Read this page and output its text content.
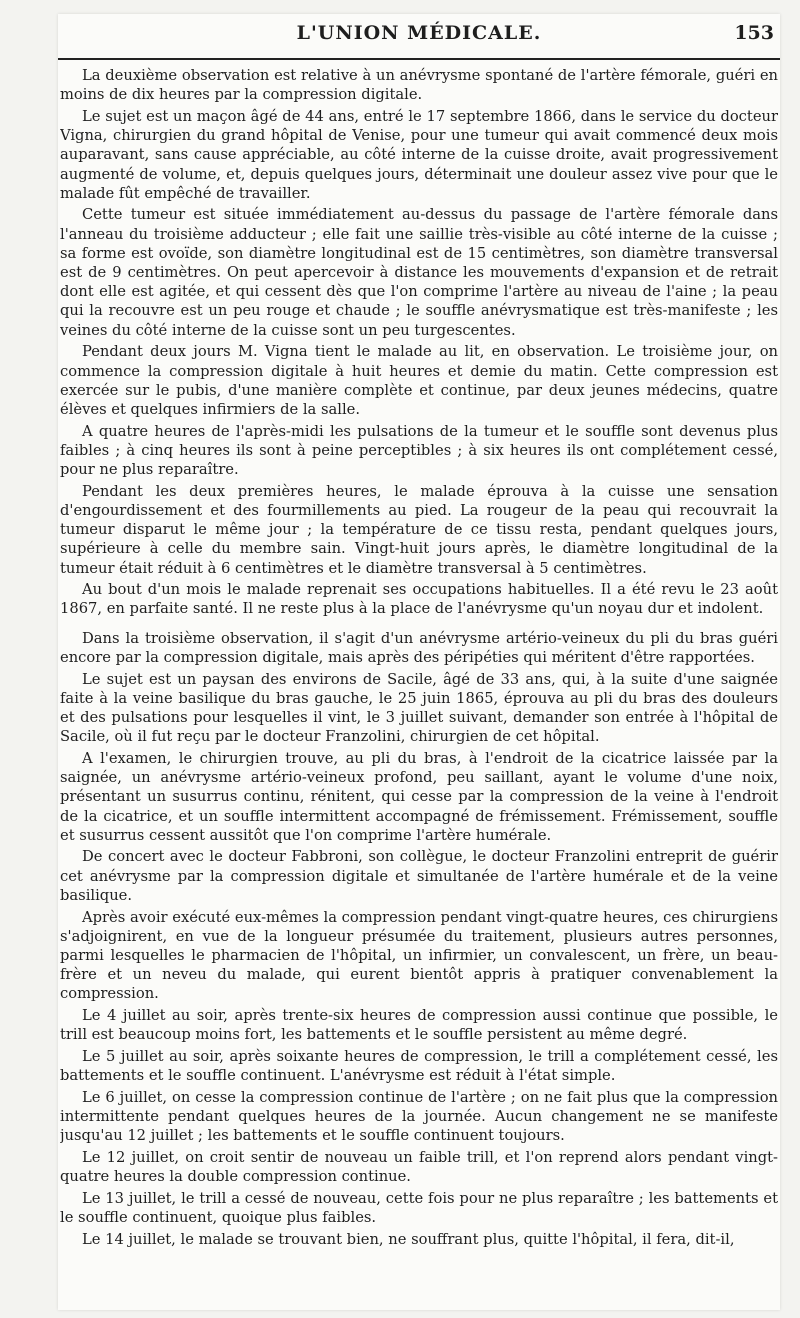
L'UNION MÉDICALE.	153

La deuxième observation est relative à un anévrysme spontané de l'artère fémorale, guéri en moins de dix heures par la compression digitale.

Le sujet est un maçon âgé de 44 ans, entré le 17 septembre 1866, dans le service du docteur Vigna, chirurgien du grand hôpital de Venise, pour une tumeur qui avait commencé deux mois auparavant, sans cause appréciable, au côté interne de la cuisse droite, avait progressivement augmenté de volume, et, depuis quelques jours, déterminait une douleur assez vive pour que le malade fût empêché de travailler.

Cette tumeur est située immédiatement au-dessus du passage de l'artère fémorale dans l'anneau du troisième adducteur ; elle fait une saillie très-visible au côté interne de la cuisse ; sa forme est ovoïde, son diamètre longitudinal est de 15 centimètres, son diamètre transversal est de 9 centimètres. On peut apercevoir à distance les mouvements d'expansion et de retrait dont elle est agitée, et qui cessent dès que l'on comprime l'artère au niveau de l'aine ; la peau qui la recouvre est un peu rouge et chaude ; le souffle anévrysmatique est très-manifeste ; les veines du côté interne de la cuisse sont un peu turgescentes.

Pendant deux jours M. Vigna tient le malade au lit, en observation. Le troisième jour, on commence la compression digitale à huit heures et demie du matin. Cette compression est exercée sur le pubis, d'une manière complète et continue, par deux jeunes médecins, quatre élèves et quelques infirmiers de la salle.

A quatre heures de l'après-midi les pulsations de la tumeur et le souffle sont devenus plus faibles ; à cinq heures ils sont à peine perceptibles ; à six heures ils ont complétement cessé, pour ne plus reparaître.

Pendant les deux premières heures, le malade éprouva à la cuisse une sensation d'engourdissement et des fourmillements au pied. La rougeur de la peau qui recouvrait la tumeur disparut le même jour ; la température de ce tissu resta, pendant quelques jours, supérieure à celle du membre sain. Vingt-huit jours après, le diamètre longitudinal de la tumeur était réduit à 6 centimètres et le diamètre transversal à 5 centimètres.

Au bout d'un mois le malade reprenait ses occupations habituelles. Il a été revu le 23 août 1867, en parfaite santé. Il ne reste plus à la place de l'anévrysme qu'un noyau dur et indolent.

Dans la troisième observation, il s'agit d'un anévrysme artério-veineux du pli du bras guéri encore par la compression digitale, mais après des péripéties qui méritent d'être rapportées.

Le sujet est un paysan des environs de Sacile, âgé de 33 ans, qui, à la suite d'une saignée faite à la veine basilique du bras gauche, le 25 juin 1865, éprouva au pli du bras des douleurs et des pulsations pour lesquelles il vint, le 3 juillet suivant, demander son entrée à l'hôpital de Sacile, où il fut reçu par le docteur Franzolini, chirurgien de cet hôpital.

A l'examen, le chirurgien trouve, au pli du bras, à l'endroit de la cicatrice laissée par la saignée, un anévrysme artério-veineux profond, peu saillant, ayant le volume d'une noix, présentant un susurrus continu, rénitent, qui cesse par la compression de la veine à l'endroit de la cicatrice, et un souffle intermittent accompagné de frémissement. Frémissement, souffle et susurrus cessent aussitôt que l'on comprime l'artère humérale.

De concert avec le docteur Fabbroni, son collègue, le docteur Franzolini entreprit de guérir cet anévrysme par la compression digitale et simultanée de l'artère humérale et de la veine basilique.

Après avoir exécuté eux-mêmes la compression pendant vingt-quatre heures, ces chirurgiens s'adjoignirent, en vue de la longueur présumée du traitement, plusieurs autres personnes, parmi lesquelles le pharmacien de l'hôpital, un infirmier, un convalescent, un frère, un beau-frère et un neveu du malade, qui eurent bientôt appris à pratiquer convenablement la compression.

Le 4 juillet au soir, après trente-six heures de compression aussi continue que possible, le trill est beaucoup moins fort, les battements et le souffle persistent au même degré.

Le 5 juillet au soir, après soixante heures de compression, le trill a complétement cessé, les battements et le souffle continuent. L'anévrysme est réduit à l'état simple.

Le 6 juillet, on cesse la compression continue de l'artère ; on ne fait plus que la compression intermittente pendant quelques heures de la journée. Aucun changement ne se manifeste jusqu'au 12 juillet ; les battements et le souffle continuent toujours.

Le 12 juillet, on croit sentir de nouveau un faible trill, et l'on reprend alors pendant vingt-quatre heures la double compression continue.

Le 13 juillet, le trill a cessé de nouveau, cette fois pour ne plus reparaître ; les battements et le souffle continuent, quoique plus faibles.

Le 14 juillet, le malade se trouvant bien, ne souffrant plus, quitte l'hôpital, il fera, dit-il,
